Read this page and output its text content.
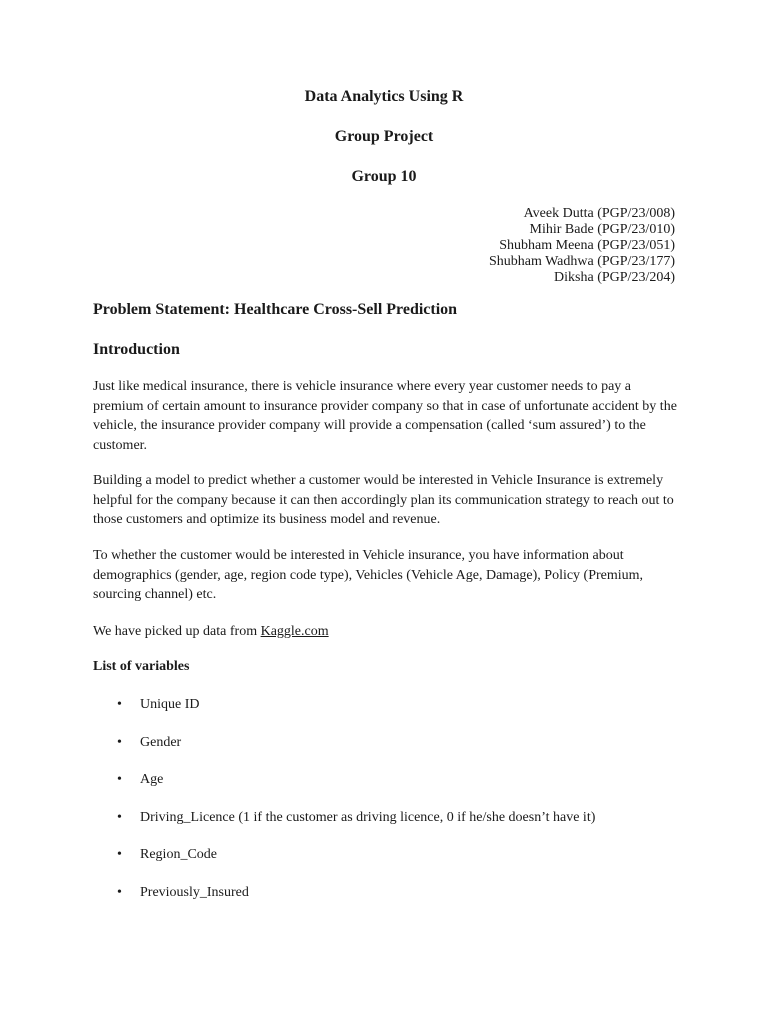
Data Analytics Using R
Group Project
Group 10
Aveek Dutta (PGP/23/008)
Mihir Bade (PGP/23/010)
Shubham Meena (PGP/23/051)
Shubham Wadhwa (PGP/23/177)
Diksha (PGP/23/204)
Problem Statement: Healthcare Cross-Sell Prediction
Introduction
Just like medical insurance, there is vehicle insurance where every year customer needs to pay a premium of certain amount to insurance provider company so that in case of unfortunate accident by the vehicle, the insurance provider company will provide a compensation (called ‘sum assured’) to the customer.
Building a model to predict whether a customer would be interested in Vehicle Insurance is extremely helpful for the company because it can then accordingly plan its communication strategy to reach out to those customers and optimize its business model and revenue.
To whether the customer would be interested in Vehicle insurance, you have information about demographics (gender, age, region code type), Vehicles (Vehicle Age, Damage), Policy (Premium, sourcing channel) etc.
We have picked up data from Kaggle.com
List of variables
• Unique ID
• Gender
• Age
• Driving_Licence (1 if the customer as driving licence, 0 if he/she doesn’t have it)
• Region_Code
• Previously_Insured
